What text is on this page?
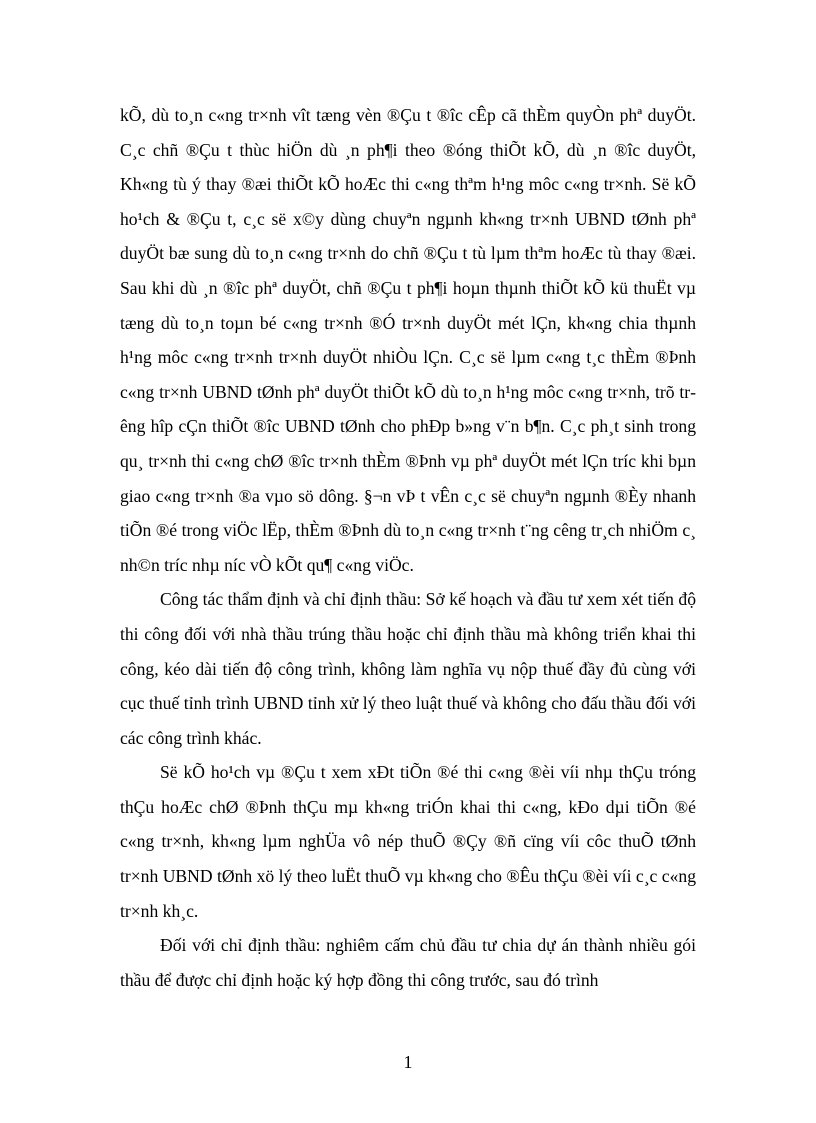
kÕ, dù to¸n c«ng tr×nh vît tæng vèn ®Çu t ®îc cÊp cã thÈm quyÒn phª duyÖt. C¸c chñ ®Çu t thùc hiÖn dù ¸n ph¶i theo ®óng thiÕt kÕ, dù ¸n ®îc duyÖt, Kh«ng tù ý thay ®æi thiÕt kÕ hoÆc thi c«ng thªm h¹ng môc c«ng tr×nh. Së kÕ ho¹ch & ®Çu t, c¸c së x©y dùng chuyªn ngµnh kh«ng tr×nh UBND tØnh phª duyÖt bæ sung dù to¸n c«ng tr×nh do chñ ®Çu t tù lµm thªm hoÆc tù thay ®æi. Sau khi dù ¸n ®îc phª duyÖt, chñ ®Çu t ph¶i hoµn thµnh thiÕt kÕ kü thuËt vµ tæng dù to¸n toµn bé c«ng tr×nh ®Ó tr×nh duyÖt mét lÇn, kh«ng chia thµnh h¹ng môc c«ng tr×nh tr×nh duyÖt nhiÒu lÇn. C¸c së lµm c«ng t¸c thÈm ®Þnh c«ng tr×nh UBND tØnh phª duyÖt thiÕt kÕ dù to¸n h¹ng môc c«ng tr×nh, trõ trêng hîp cÇn thiÕt ®îc UBND tØnh cho phÐp b»ng v¨n b¶n. C¸c ph¸t sinh trong qu¸ tr×nh thi c«ng chØ ®îc tr×nh thÈm ®Þnh vµ phª duyÖt mét lÇn tríc khi bµn giao c«ng tr×nh ®a vµo sö dông. §¬n vÞ t vÊn c¸c së chuyªn ngµnh ®Èy nhanh tiÕn ®é trong viÖc lËp, thÈm ®Þnh dù to¸n c«ng tr×nh t¨ng cêng tr¸ch nhiÖm c¸ nh©n tríc nhµ níc vÒ kÕt qu¶ c«ng viÖc.

Công tác thẩm định và chỉ định thầu: Sở kế hoạch và đầu tư xem xét tiến độ thi công đối với nhà thầu trúng thầu hoặc chỉ định thầu mà không triển khai thi công, kéo dài tiến độ công trình, không làm nghĩa vụ nộp thuế đầy đủ cùng với cục thuế tỉnh trình UBND tỉnh xử lý theo luật thuế và không cho đấu thầu đối với các công trình khác.

Së kÕ ho¹ch vµ ®Çu t xem xÐt tiÕn ®é thi c«ng ®èi víi nhµ thÇu tróng thÇu hoÆc chØ ®Þnh thÇu mµ kh«ng triÓn khai thi c«ng, kÐo dµi tiÕn ®é c«ng tr×nh, kh«ng lµm nghÜa vô nép thuÕ ®Çy ®ñ cïng víi côc thuÕ tØnh tr×nh UBND tØnh xö lý theo luËt thuÕ vµ kh«ng cho ®Êu thÇu ®èi víi c¸c c«ng tr×nh kh¸c.

Đối với chỉ định thầu: nghiêm cấm chủ đầu tư chia dự án thành nhiều gói thầu để được chỉ định hoặc ký hợp đồng thi công trước, sau đó trình

1
